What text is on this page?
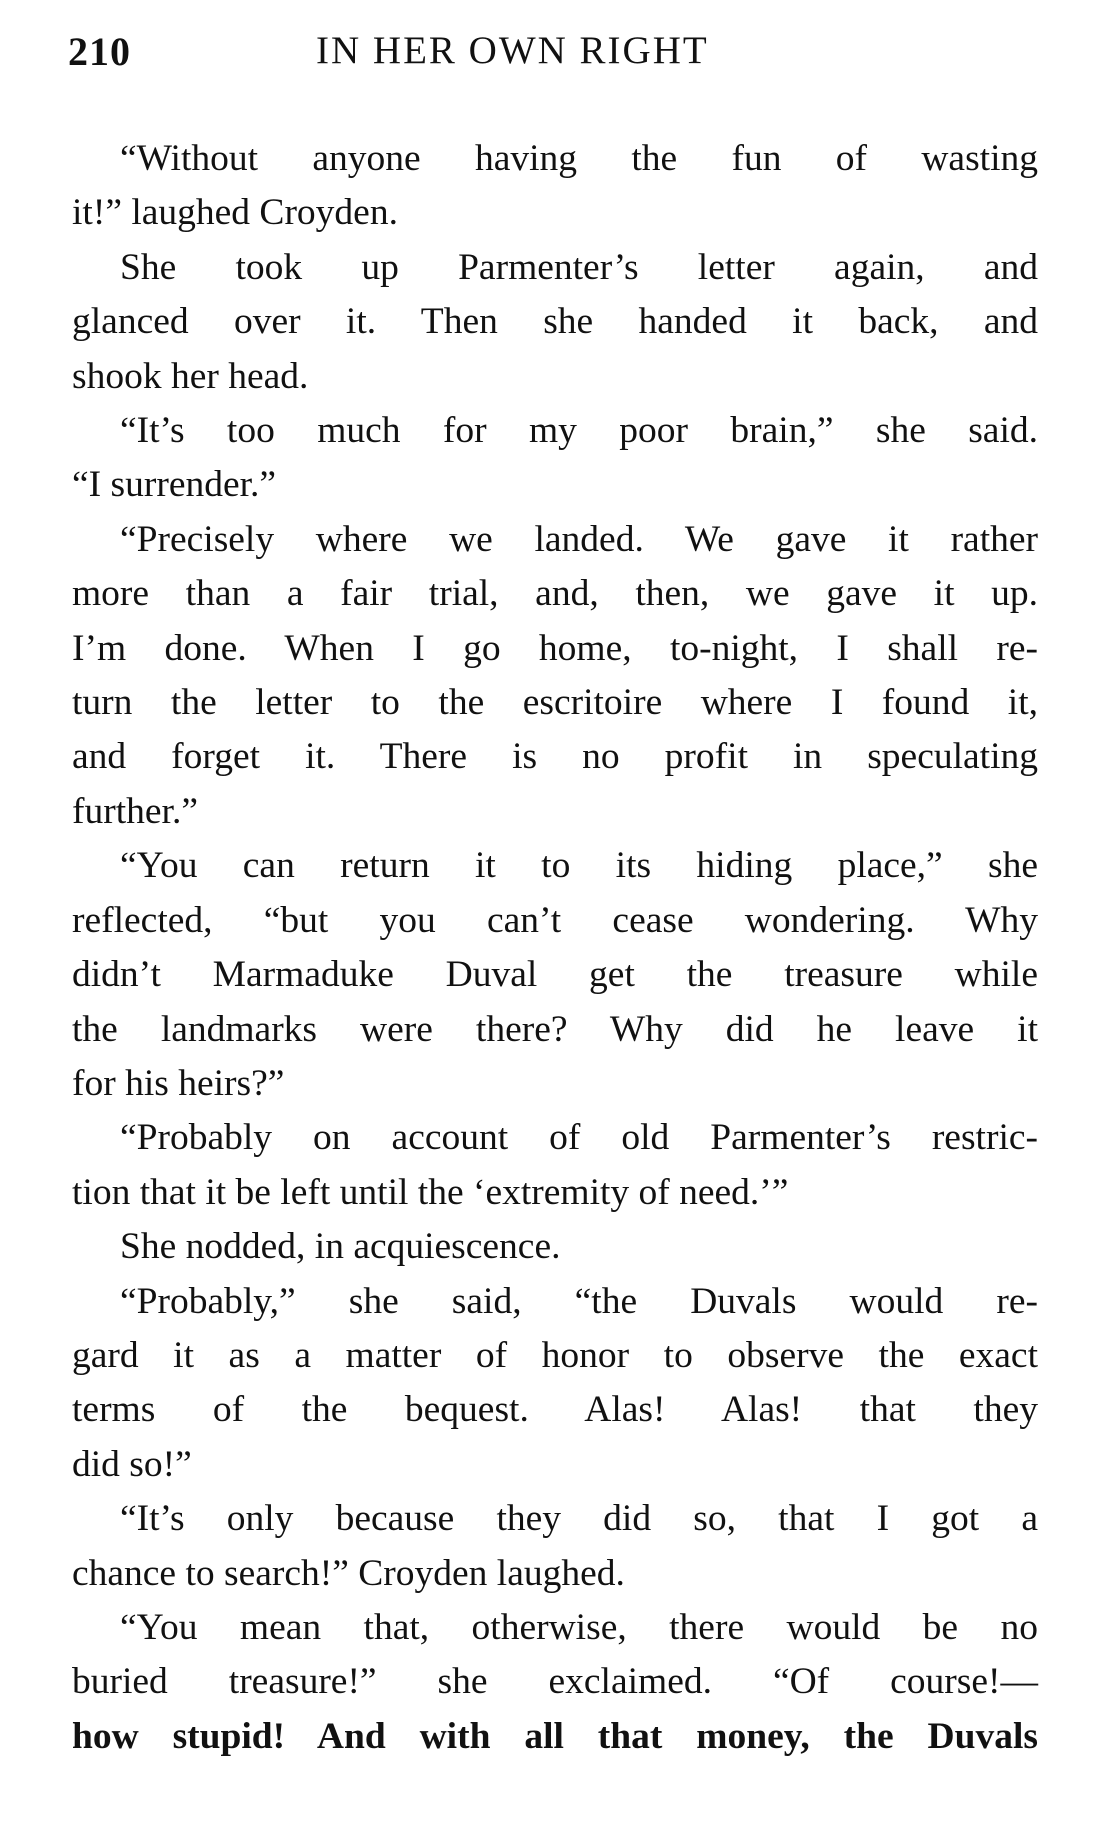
210	IN HER OWN RIGHT
“Without anyone having the fun of wasting
it!” laughed Croyden.
She took up Parmenter’s letter again, and
glanced over it. Then she handed it back, and
shook her head.
“It’s too much for my poor brain,” she said.
“I surrender.”
“Precisely where we landed. We gave it rather
more than a fair trial, and, then, we gave it up.
I’m done. When I go home, to-night, I shall re-
turn the letter to the escritoire where I found it,
and forget it. There is no profit in speculating
further.”
“You can return it to its hiding place,” she
reflected, “but you can’t cease wondering. Why
didn’t Marmaduke Duval get the treasure while
the landmarks were there? Why did he leave it
for his heirs?”
“Probably on account of old Parmenter’s restric-
tion that it be left until the ‘extremity of need.’”
She nodded, in acquiescence.
“Probably,” she said, “the Duvals would re-
gard it as a matter of honor to observe the exact
terms of the bequest. Alas! Alas! that they
did so!”
“It’s only because they did so, that I got a
chance to search!” Croyden laughed.
“You mean that, otherwise, there would be no
buried treasure!” she exclaimed. “Of course!—
how stupid! And with all that money, the Duvals
